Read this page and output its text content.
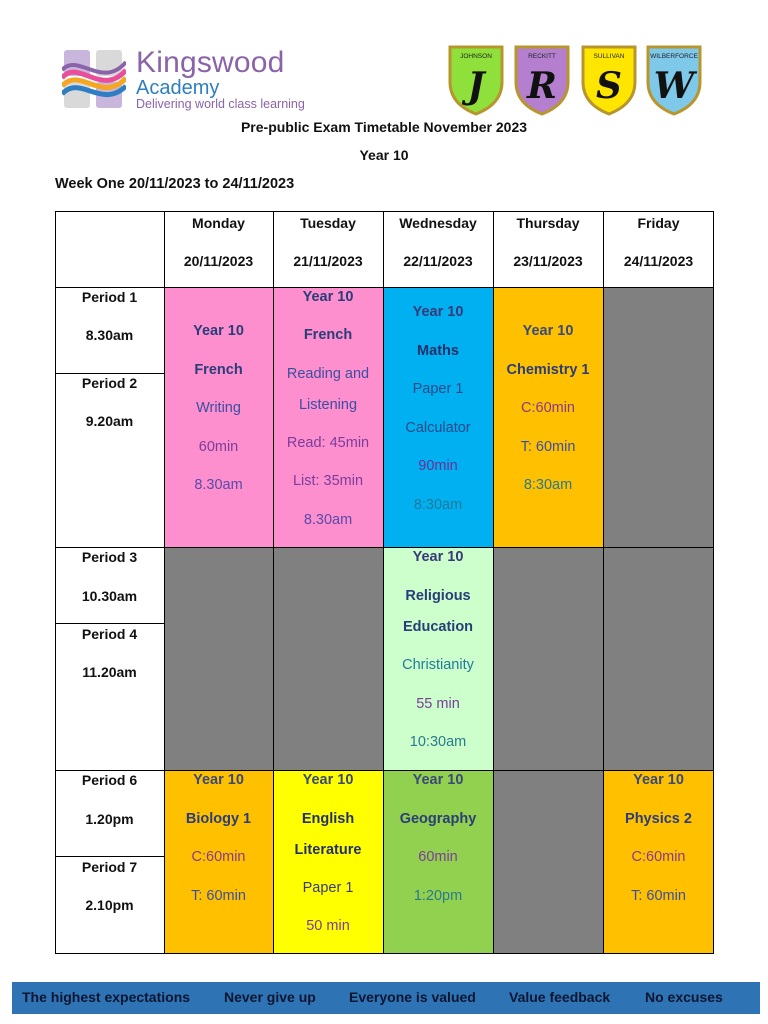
Kingswood
Academy
Delivering world class learning
JOHNSON
J
RECKITT
R
SULLIVAN
S
WILBERFORCE
W
Pre-public Exam Timetable November 2023
Year 10
Week One 20/11/2023 to 24/11/2023
Monday
20/11/2023
Tuesday
21/11/2023
Wednesday
22/11/2023
Thursday
23/11/2023
Friday
24/11/2023
Period 1
8.30am
Period 2
9.20am
Period 3
10.30am
Period 4
11.20am
Period 6
1.20pm
Period 7
2.10pm
Year 10
French
Writing
60min
8.30am
Year 10
French
Reading and
Listening
Read: 45min
List: 35min
8.30am
Year 10
Maths
Paper 1
Calculator
90min
8:30am
Year 10
Chemistry 1
C:60min
T: 60min
8:30am
Year 10
Religious
Education
Christianity
55 min
10:30am
Year 10
Biology 1
C:60min
T: 60min
Year 10
English
Literature
Paper 1
50 min
Year 10
Geography
60min
1:20pm
Year 10
Physics 2
C:60min
T: 60min
The highest expectations Never give up Everyone is valued Value feedback No excuses
